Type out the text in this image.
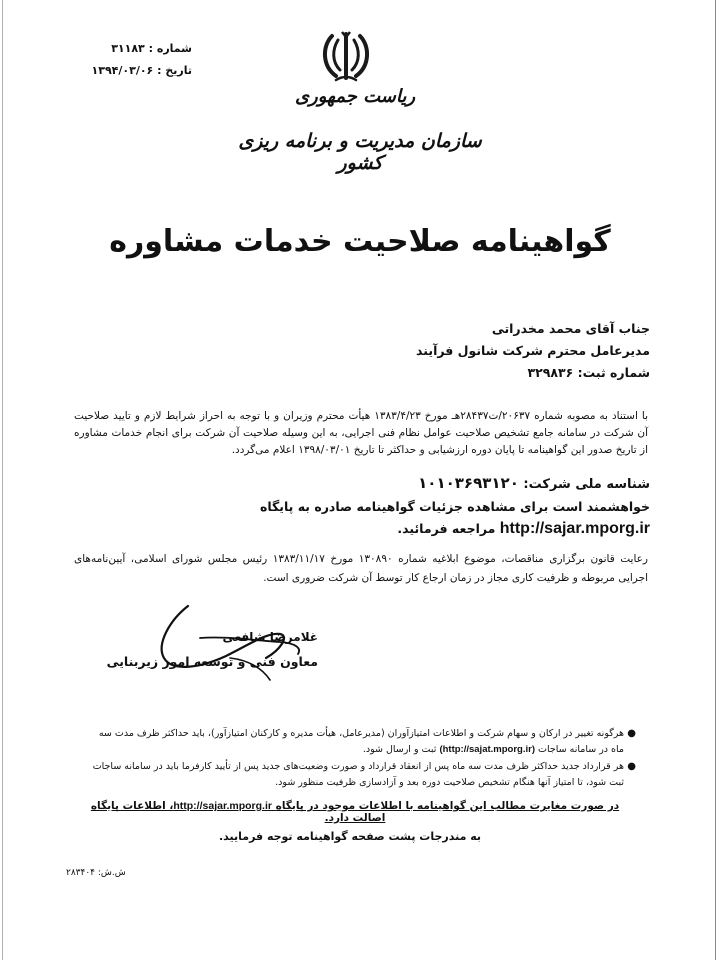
شماره : ۳۱۱۸۳
تاریخ : ۱۳۹۴/۰۳/۰۶
ریاست جمهوری
سازمان مدیریت و برنامه ریزی کشور
گواهینامه صلاحیت خدمات مشاوره
جناب آقای محمد مخدراتی
مدیرعامل محترم شرکت شانول فرآیند
شماره ثبت: ۳۲۹۸۳۶
با استناد به مصوبه شماره ۲۰۶۳۷/ت۲۸۴۳۷هـ مورخ ۱۳۸۳/۴/۲۳ هیأت محترم وزیران و با توجه به احراز شرایط لازم و تایید صلاحیت آن شرکت در سامانه جامع تشخیص صلاحیت عوامل نظام فنی اجرایی، به این وسیله صلاحیت آن شرکت برای انجام خدمات مشاوره از تاریخ صدور این گواهینامه تا پایان دوره ارزشیابی و حداکثر تا تاریخ ۱۳۹۸/۰۳/۰۱ اعلام می‌گردد.
شناسه ملی شرکت: ۱۰۱۰۳۶۹۳۱۲۰
خواهشمند است برای مشاهده جزئیات گواهینامه صادره به پایگاه
http://sajar.mporg.ir مراجعه فرمائید.
رعایت قانون برگزاری مناقصات، موضوع ابلاغیه شماره ۱۳۰۸۹۰ مورخ ۱۳۸۳/۱۱/۱۷ رئیس مجلس شورای اسلامی، آیین‌نامه‌های اجرایی مربوطه و ظرفیت کاری مجاز در زمان ارجاع کار توسط آن شرکت ضروری است.
غلامرضا شافعی
معاون فنی و توسعه امور زیربنایی
●
هرگونه تغییر در ارکان و سهام شرکت و اطلاعات امتیازآوران (مدیرعامل، هیأت مدیره و کارکنان امتیازآور)، باید حداکثر ظرف مدت سه ماه در سامانه ساجات (http://sajat.mporg.ir) ثبت و ارسال شود.
●
هر قرارداد جدید حداکثر ظرف مدت سه ماه پس از انعقاد قرارداد و صورت وضعیت‌های جدید پس از تأیید کارفرما باید در سامانه ساجات ثبت شود، تا امتیاز آنها هنگام تشخیص صلاحیت دوره بعد و آزادسازی ظرفیت منظور شود.
در صورت مغایرت مطالب این گواهینامه با اطلاعات موجود در پایگاه http://sajar.mporg.ir، اطلاعات پایگاه اصالت دارد.
به مندرجات پشت صفحه گواهینامه توجه فرمایید.
ش.ش: ۲۸۳۴۰۴
